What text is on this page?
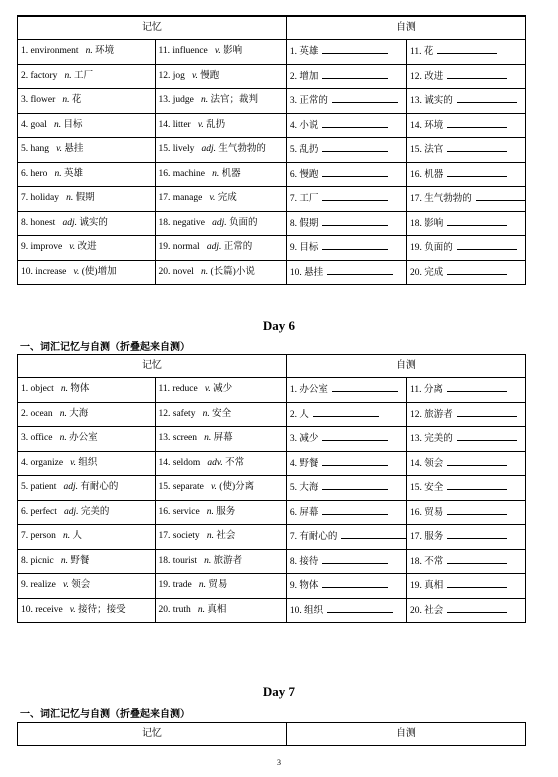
记忆		自测	
1. environment n. 环境	11. influence v. 影响	1. 英雄	11. 花
2. factory n. 工厂	12. jog v. 慢跑	2. 增加	12. 改进
3. flower n. 花	13. judge n. 法官；裁判	3. 正常的	13. 诚实的
4. goal n. 目标	14. litter v. 乱扔	4. 小说	14. 环境
5. hang v. 悬挂	15. lively adj. 生气勃勃的	5. 乱扔	15. 法官
6. hero n. 英雄	16. machine n. 机器	6. 慢跑	16. 机器
7. holiday n. 假期	17. manage v. 完成	7. 工厂	17. 生气勃勃的
8. honest adj. 诚实的	18. negative adj. 负面的	8. 假期	18. 影响
9. improve v. 改进	19. normal adj. 正常的	9. 目标	19. 负面的
10. increase v. (使)增加	20. novel n. (长篇)小说	10. 悬挂	20. 完成
Day 6
一、词汇记忆与自测（折叠起来自测）
记忆		自测	
1. object n. 物体	11. reduce v. 减少	1. 办公室	11. 分离
2. ocean n. 大海	12. safety n. 安全	2. 人	12. 旅游者
3. office n. 办公室	13. screen n. 屏幕	3. 减少	13. 完美的
4. organize v. 组织	14. seldom adv. 不常	4. 野餐	14. 领会
5. patient adj. 有耐心的	15. separate v. (使)分离	5. 大海	15. 安全
6. perfect adj. 完美的	16. service n. 服务	6. 屏幕	16. 贸易
7. person n. 人	17. society n. 社会	7. 有耐心的	17. 服务
8. picnic n. 野餐	18. tourist n. 旅游者	8. 接待	18. 不常
9. realize v. 领会	19. trade n. 贸易	9. 物体	19. 真相
10. receive v. 接待；接受	20. truth n. 真相	10. 组织	20. 社会
Day 7
一、词汇记忆与自测（折叠起来自测）
记忆	自测
3
